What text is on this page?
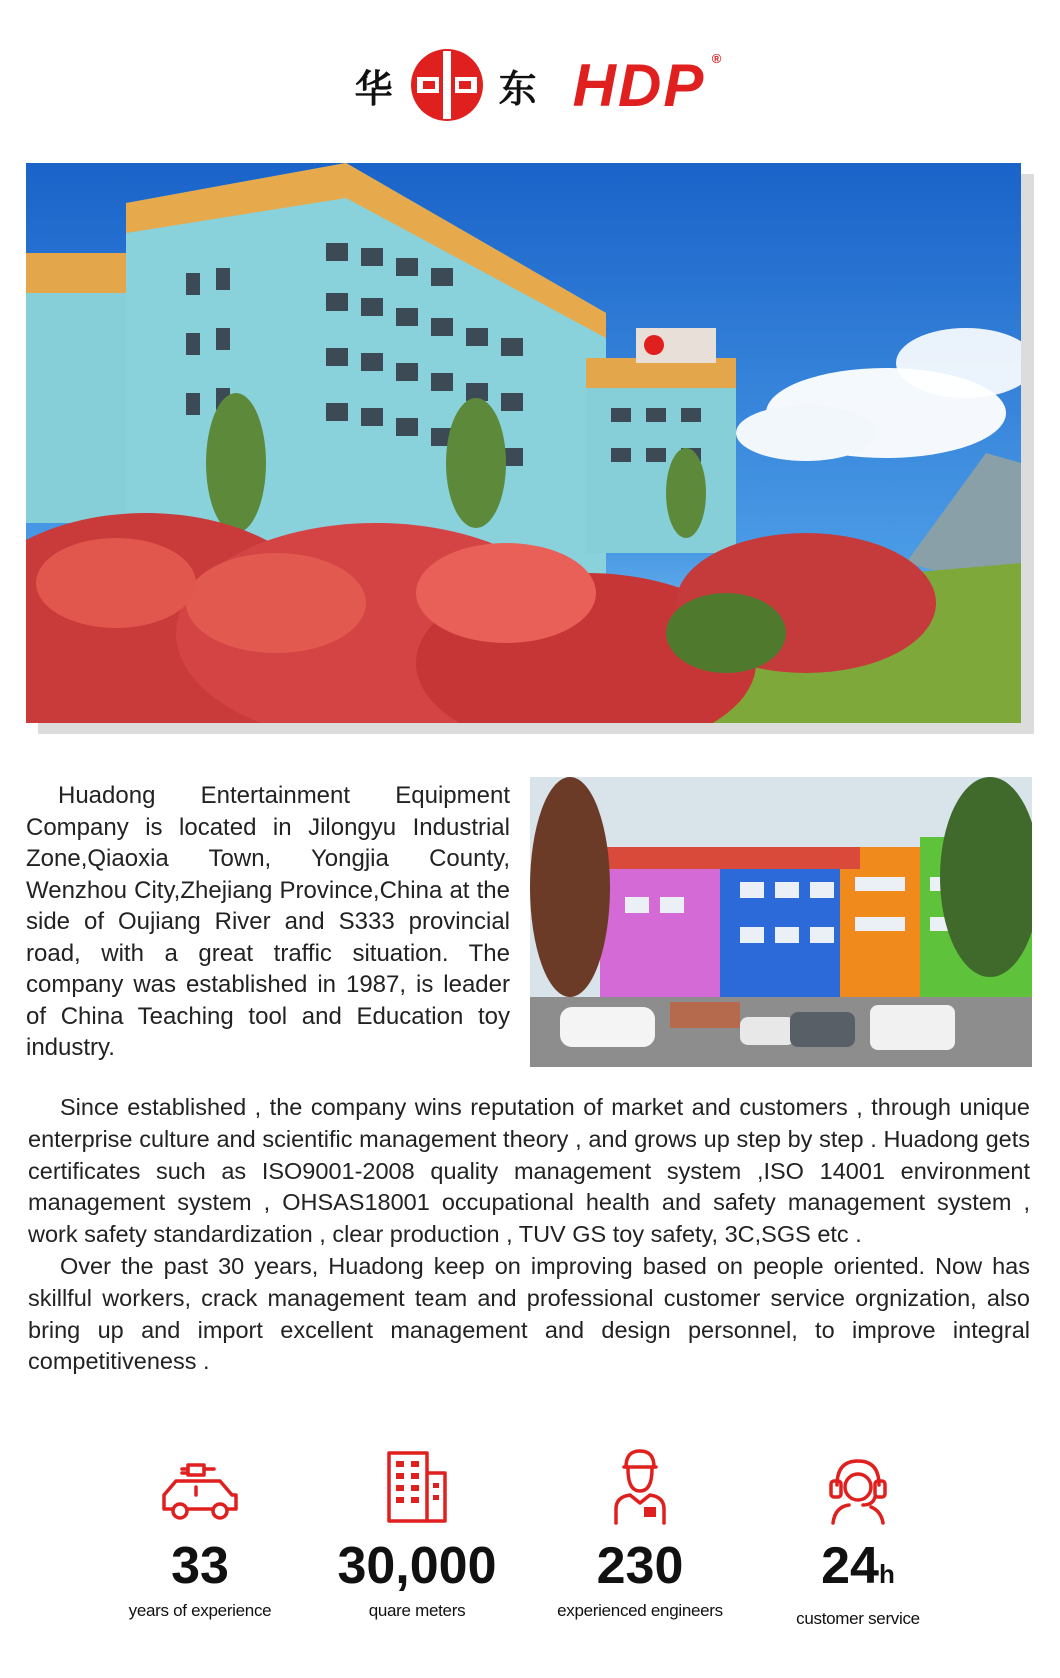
华	东 HDP ®
Huadong Entertainment Equipment Company is located in Jilongyu Industrial Zone,Qiaoxia Town, Yongjia County, Wenzhou City,Zhejiang Province,China at the side of Oujiang River and S333 provincial road, with a great traffic situation. The company was established in 1987, is leader of China Teaching tool and Education toy industry.

Since established , the company wins reputation of market and customers , through unique enterprise culture and scientific management theory , and grows up step by step . Huadong gets certificates such as ISO9001-2008 quality management system ,ISO 14001 environment management system , OHSAS18001 occupational health and safety management system , work safety standardization , clear production , TUV GS toy safety, 3C,SGS etc .

Over the past 30 years, Huadong keep on improving based on people oriented. Now has skillful workers, crack management team and professional customer service orgnization, also bring up and import excellent management and design personnel, to improve integral competitiveness .

33
years of experience
30,000
quare meters
230
experienced engineers
24h
customer service
